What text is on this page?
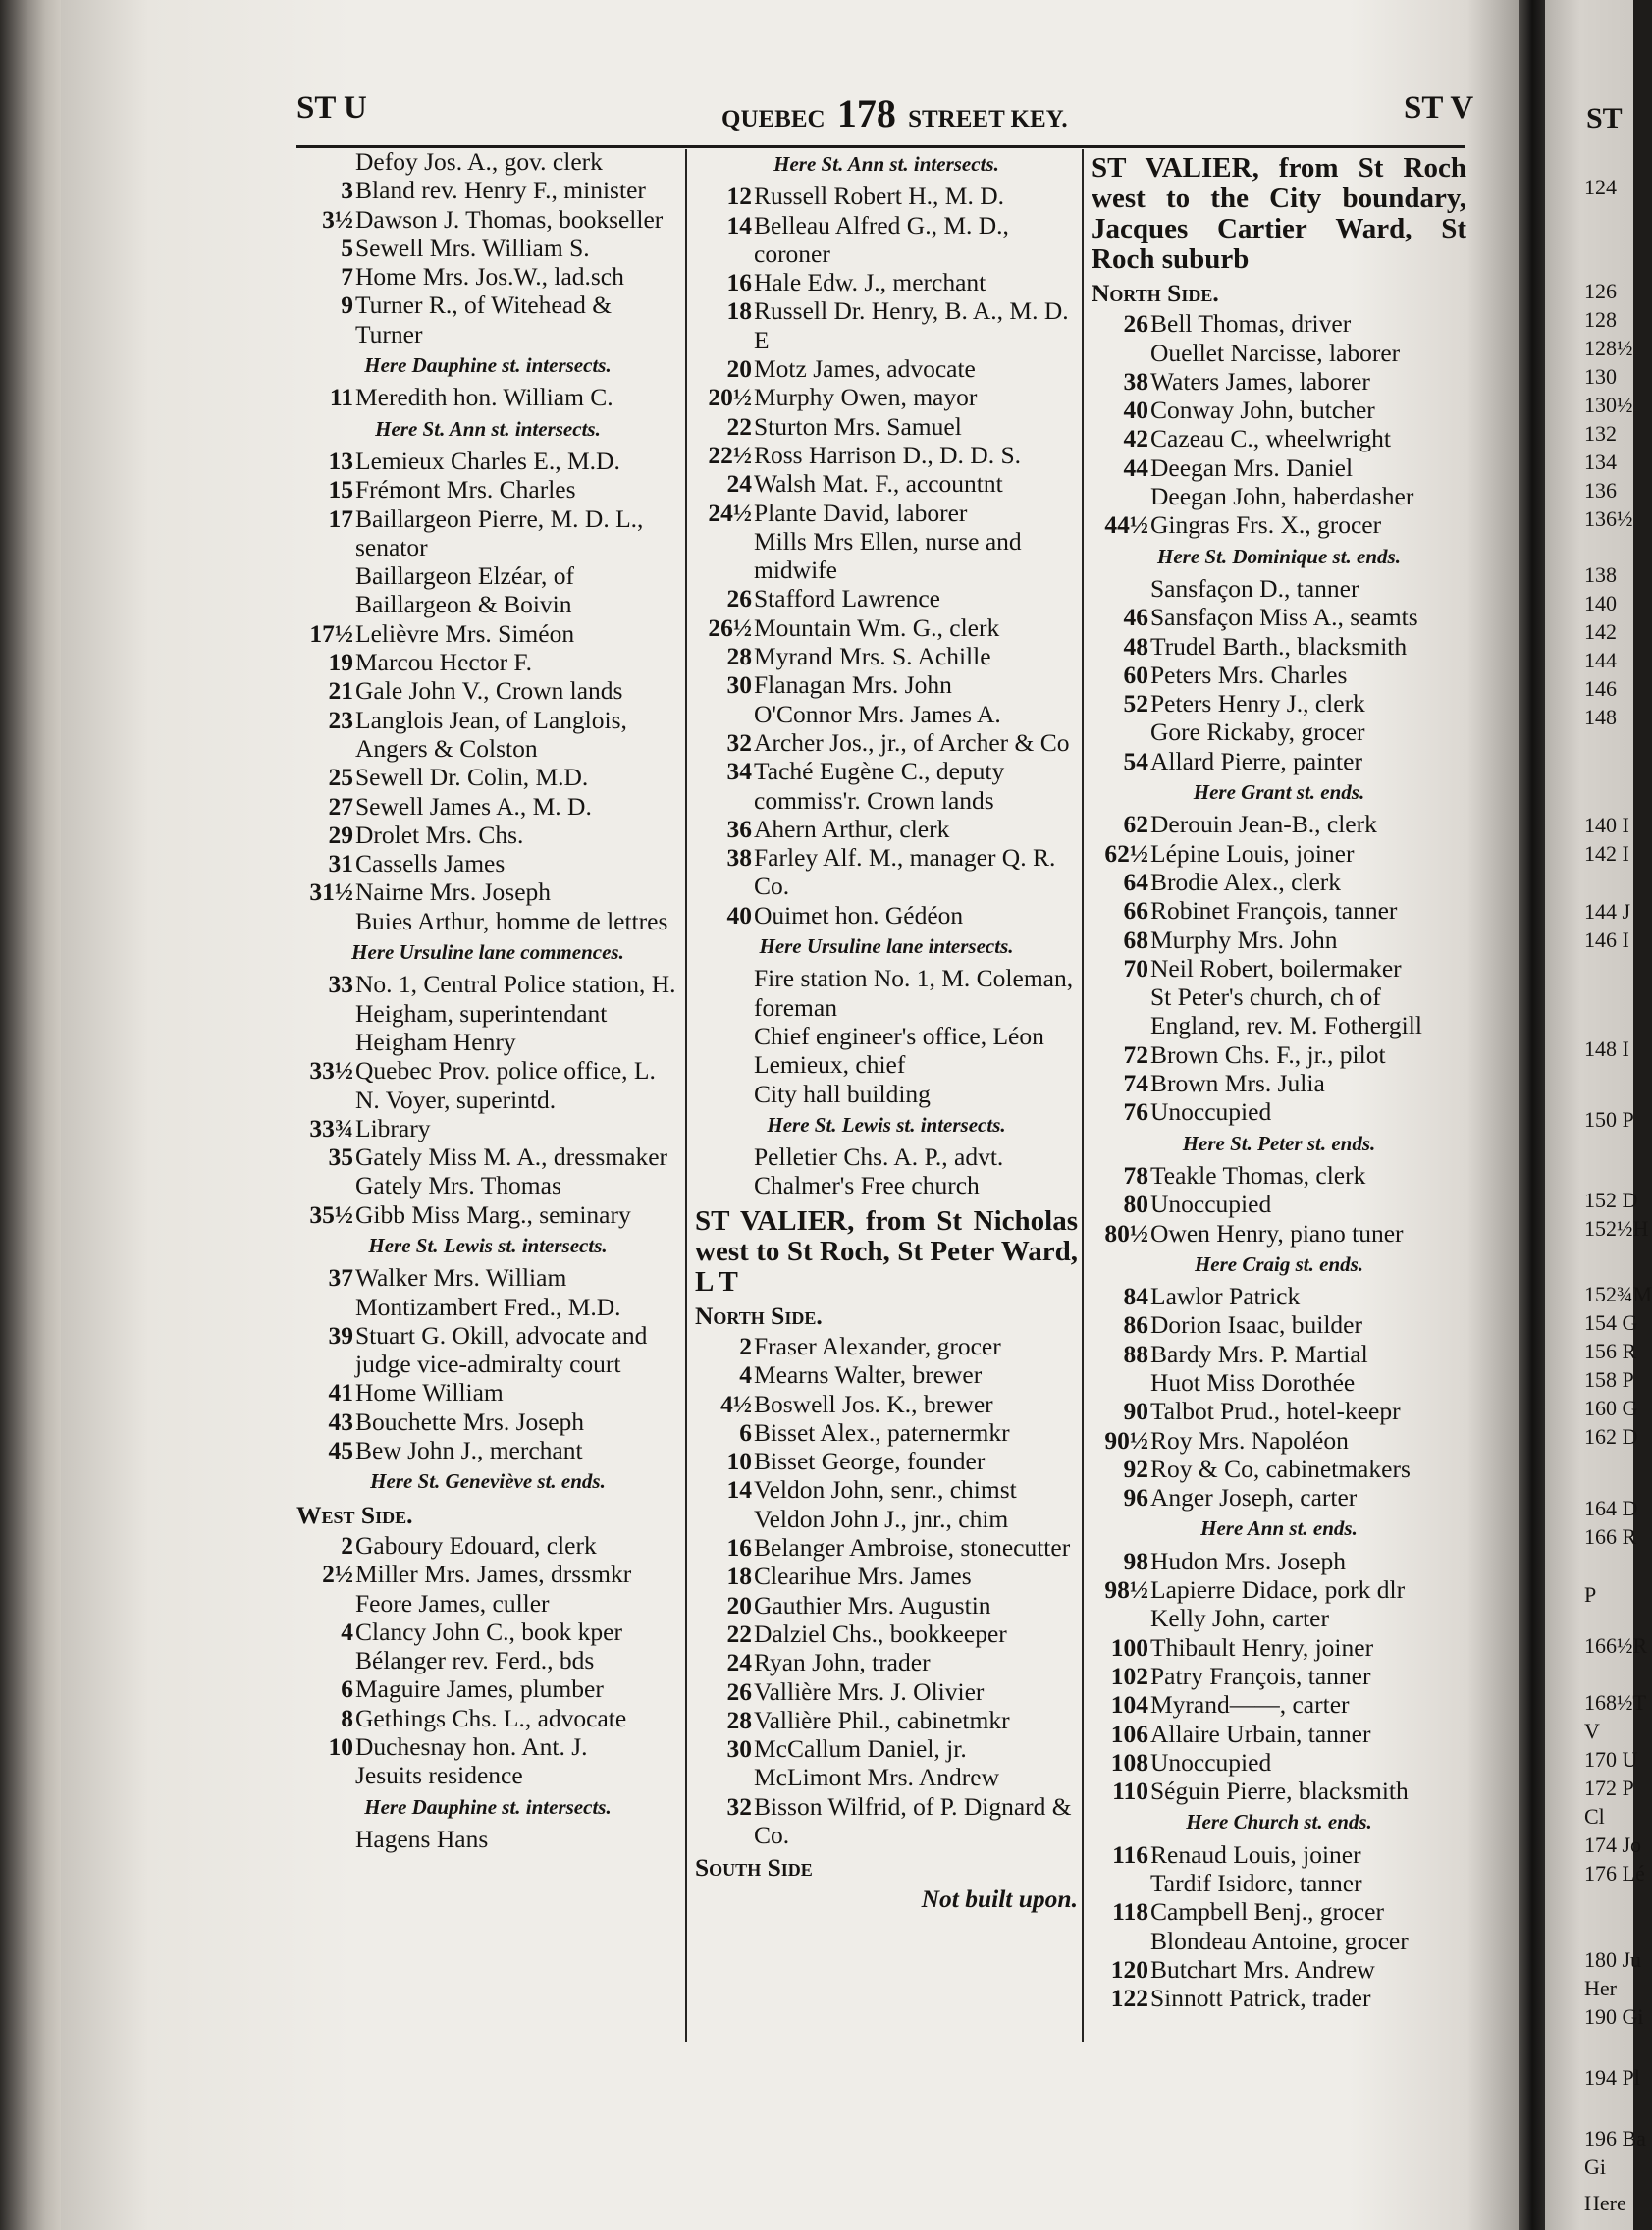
ST
124
126
128
128½
130
130½
132
134
136
136½
138
140
142
144
146
148
140 I
142 I
144 J
146 I
148 I
150 P
152 D
152½H
152¾M
154 G
156 R
158 P
160 G
162 D
164 D
166 R
P
166½R
168½T
V
170 U
172 P
Cl
174 Jo
176 Lé
180 Ju
Her
190 Gi
194 Pl
196 Ba
Gi
Here
ST U	QUEBEC 178 STREET KEY.	ST V
Defoy Jos. A., gov. clerk
3 Bland rev. Henry F., minister
3½ Dawson J. Thomas, bookseller
5 Sewell Mrs. William S.
7 Home Mrs. Jos.W., lad.sch
9 Turner R., of Witehead & Turner
Here Dauphine st. intersects.
11 Meredith hon. William C.
Here St. Ann st. intersects.
13 Lemieux Charles E., M.D.
15 Frémont Mrs. Charles
17 Baillargeon Pierre, M. D. L., senator
Baillargeon Elzéar, of Baillargeon & Boivin
17½ Lelièvre Mrs. Siméon
19 Marcou Hector F.
21 Gale John V., Crown lands
23 Langlois Jean, of Langlois, Angers & Colston
25 Sewell Dr. Colin, M.D.
27 Sewell James A., M. D.
29 Drolet Mrs. Chs.
31 Cassells James
31½ Nairne Mrs. Joseph
Buies Arthur, homme de lettres
Here Ursuline lane commences.
33 No. 1, Central Police station, H. Heigham, superintendant
Heigham Henry
33½ Quebec Prov. police office, L. N. Voyer, superintd.
33¾ Library
35 Gately Miss M. A., dressmaker
Gately Mrs. Thomas
35½ Gibb Miss Marg., seminary
Here St. Lewis st. intersects.
37 Walker Mrs. William
Montizambert Fred., M.D.
39 Stuart G. Okill, advocate and judge vice-admiralty court
41 Home William
43 Bouchette Mrs. Joseph
45 Bew John J., merchant
Here St. Geneviève st. ends.
West Side.
2 Gaboury Edouard, clerk
2½ Miller Mrs. James, drssmkr
Feore James, culler
4 Clancy John C., book kper
Bélanger rev. Ferd., bds
6 Maguire James, plumber
8 Gethings Chs. L., advocate
10 Duchesnay hon. Ant. J.
Jesuits residence
Here Dauphine st. intersects.
Hagens Hans
Here St. Ann st. intersects.
12 Russell Robert H., M. D.
14 Belleau Alfred G., M. D., coroner
16 Hale Edw. J., merchant
18 Russell Dr. Henry, B. A., M. D. E
20 Motz James, advocate
20½ Murphy Owen, mayor
22 Sturton Mrs. Samuel
22½ Ross Harrison D., D. D. S.
24 Walsh Mat. F., accountnt
24½ Plante David, laborer
Mills Mrs Ellen, nurse and midwife
26 Stafford Lawrence
26½ Mountain Wm. G., clerk
28 Myrand Mrs. S. Achille
30 Flanagan Mrs. John
O'Connor Mrs. James A.
32 Archer Jos., jr., of Archer & Co
34 Taché Eugène C., deputy commiss'r. Crown lands
36 Ahern Arthur, clerk
38 Farley Alf. M., manager Q. R. Co.
40 Ouimet hon. Gédéon
Here Ursuline lane intersects.
Fire station No. 1, M. Coleman, foreman
Chief engineer's office, Léon Lemieux, chief
City hall building
Here St. Lewis st. intersects.
Pelletier Chs. A. P., advt.
Chalmer's Free church
ST VALIER, from St Nicholas west to St Roch, St Peter Ward, L T
North Side.
2 Fraser Alexander, grocer
4 Mearns Walter, brewer
4½ Boswell Jos. K., brewer
6 Bisset Alex., paternermkr
10 Bisset George, founder
14 Veldon John, senr., chimst
Veldon John J., jnr., chim
16 Belanger Ambroise, stonecutter
18 Clearihue Mrs. James
20 Gauthier Mrs. Augustin
22 Dalziel Chs., bookkeeper
24 Ryan John, trader
26 Vallière Mrs. J. Olivier
28 Vallière Phil., cabinetmkr
30 McCallum Daniel, jr.
McLimont Mrs. Andrew
32 Bisson Wilfrid, of P. Dignard & Co.
South Side
Not built upon.
ST VALIER, from St Roch west to the City boundary, Jacques Cartier Ward, St Roch suburb
North Side.
26 Bell Thomas, driver
Ouellet Narcisse, laborer
38 Waters James, laborer
40 Conway John, butcher
42 Cazeau C., wheelwright
44 Deegan Mrs. Daniel
Deegan John, haberdasher
44½ Gingras Frs. X., grocer
Here St. Dominique st. ends.
Sansfaçon D., tanner
46 Sansfaçon Miss A., seamts
48 Trudel Barth., blacksmith
60 Peters Mrs. Charles
52 Peters Henry J., clerk
Gore Rickaby, grocer
54 Allard Pierre, painter
Here Grant st. ends.
62 Derouin Jean-B., clerk
62½ Lépine Louis, joiner
64 Brodie Alex., clerk
66 Robinet François, tanner
68 Murphy Mrs. John
70 Neil Robert, boilermaker
St Peter's church, ch of England, rev. M. Fothergill
72 Brown Chs. F., jr., pilot
74 Brown Mrs. Julia
76 Unoccupied
Here St. Peter st. ends.
78 Teakle Thomas, clerk
80 Unoccupied
80½ Owen Henry, piano tuner
Here Craig st. ends.
84 Lawlor Patrick
86 Dorion Isaac, builder
88 Bardy Mrs. P. Martial
Huot Miss Dorothée
90 Talbot Prud., hotel-keepr
90½ Roy Mrs. Napoléon
92 Roy & Co, cabinetmakers
96 Anger Joseph, carter
Here Ann st. ends.
98 Hudon Mrs. Joseph
98½ Lapierre Didace, pork dlr
Kelly John, carter
100 Thibault Henry, joiner
102 Patry François, tanner
104 Myrand——, carter
106 Allaire Urbain, tanner
108 Unoccupied
110 Séguin Pierre, blacksmith
Here Church st. ends.
116 Renaud Louis, joiner
Tardif Isidore, tanner
118 Campbell Benj., grocer
Blondeau Antoine, grocer
120 Butchart Mrs. Andrew
122 Sinnott Patrick, trader
